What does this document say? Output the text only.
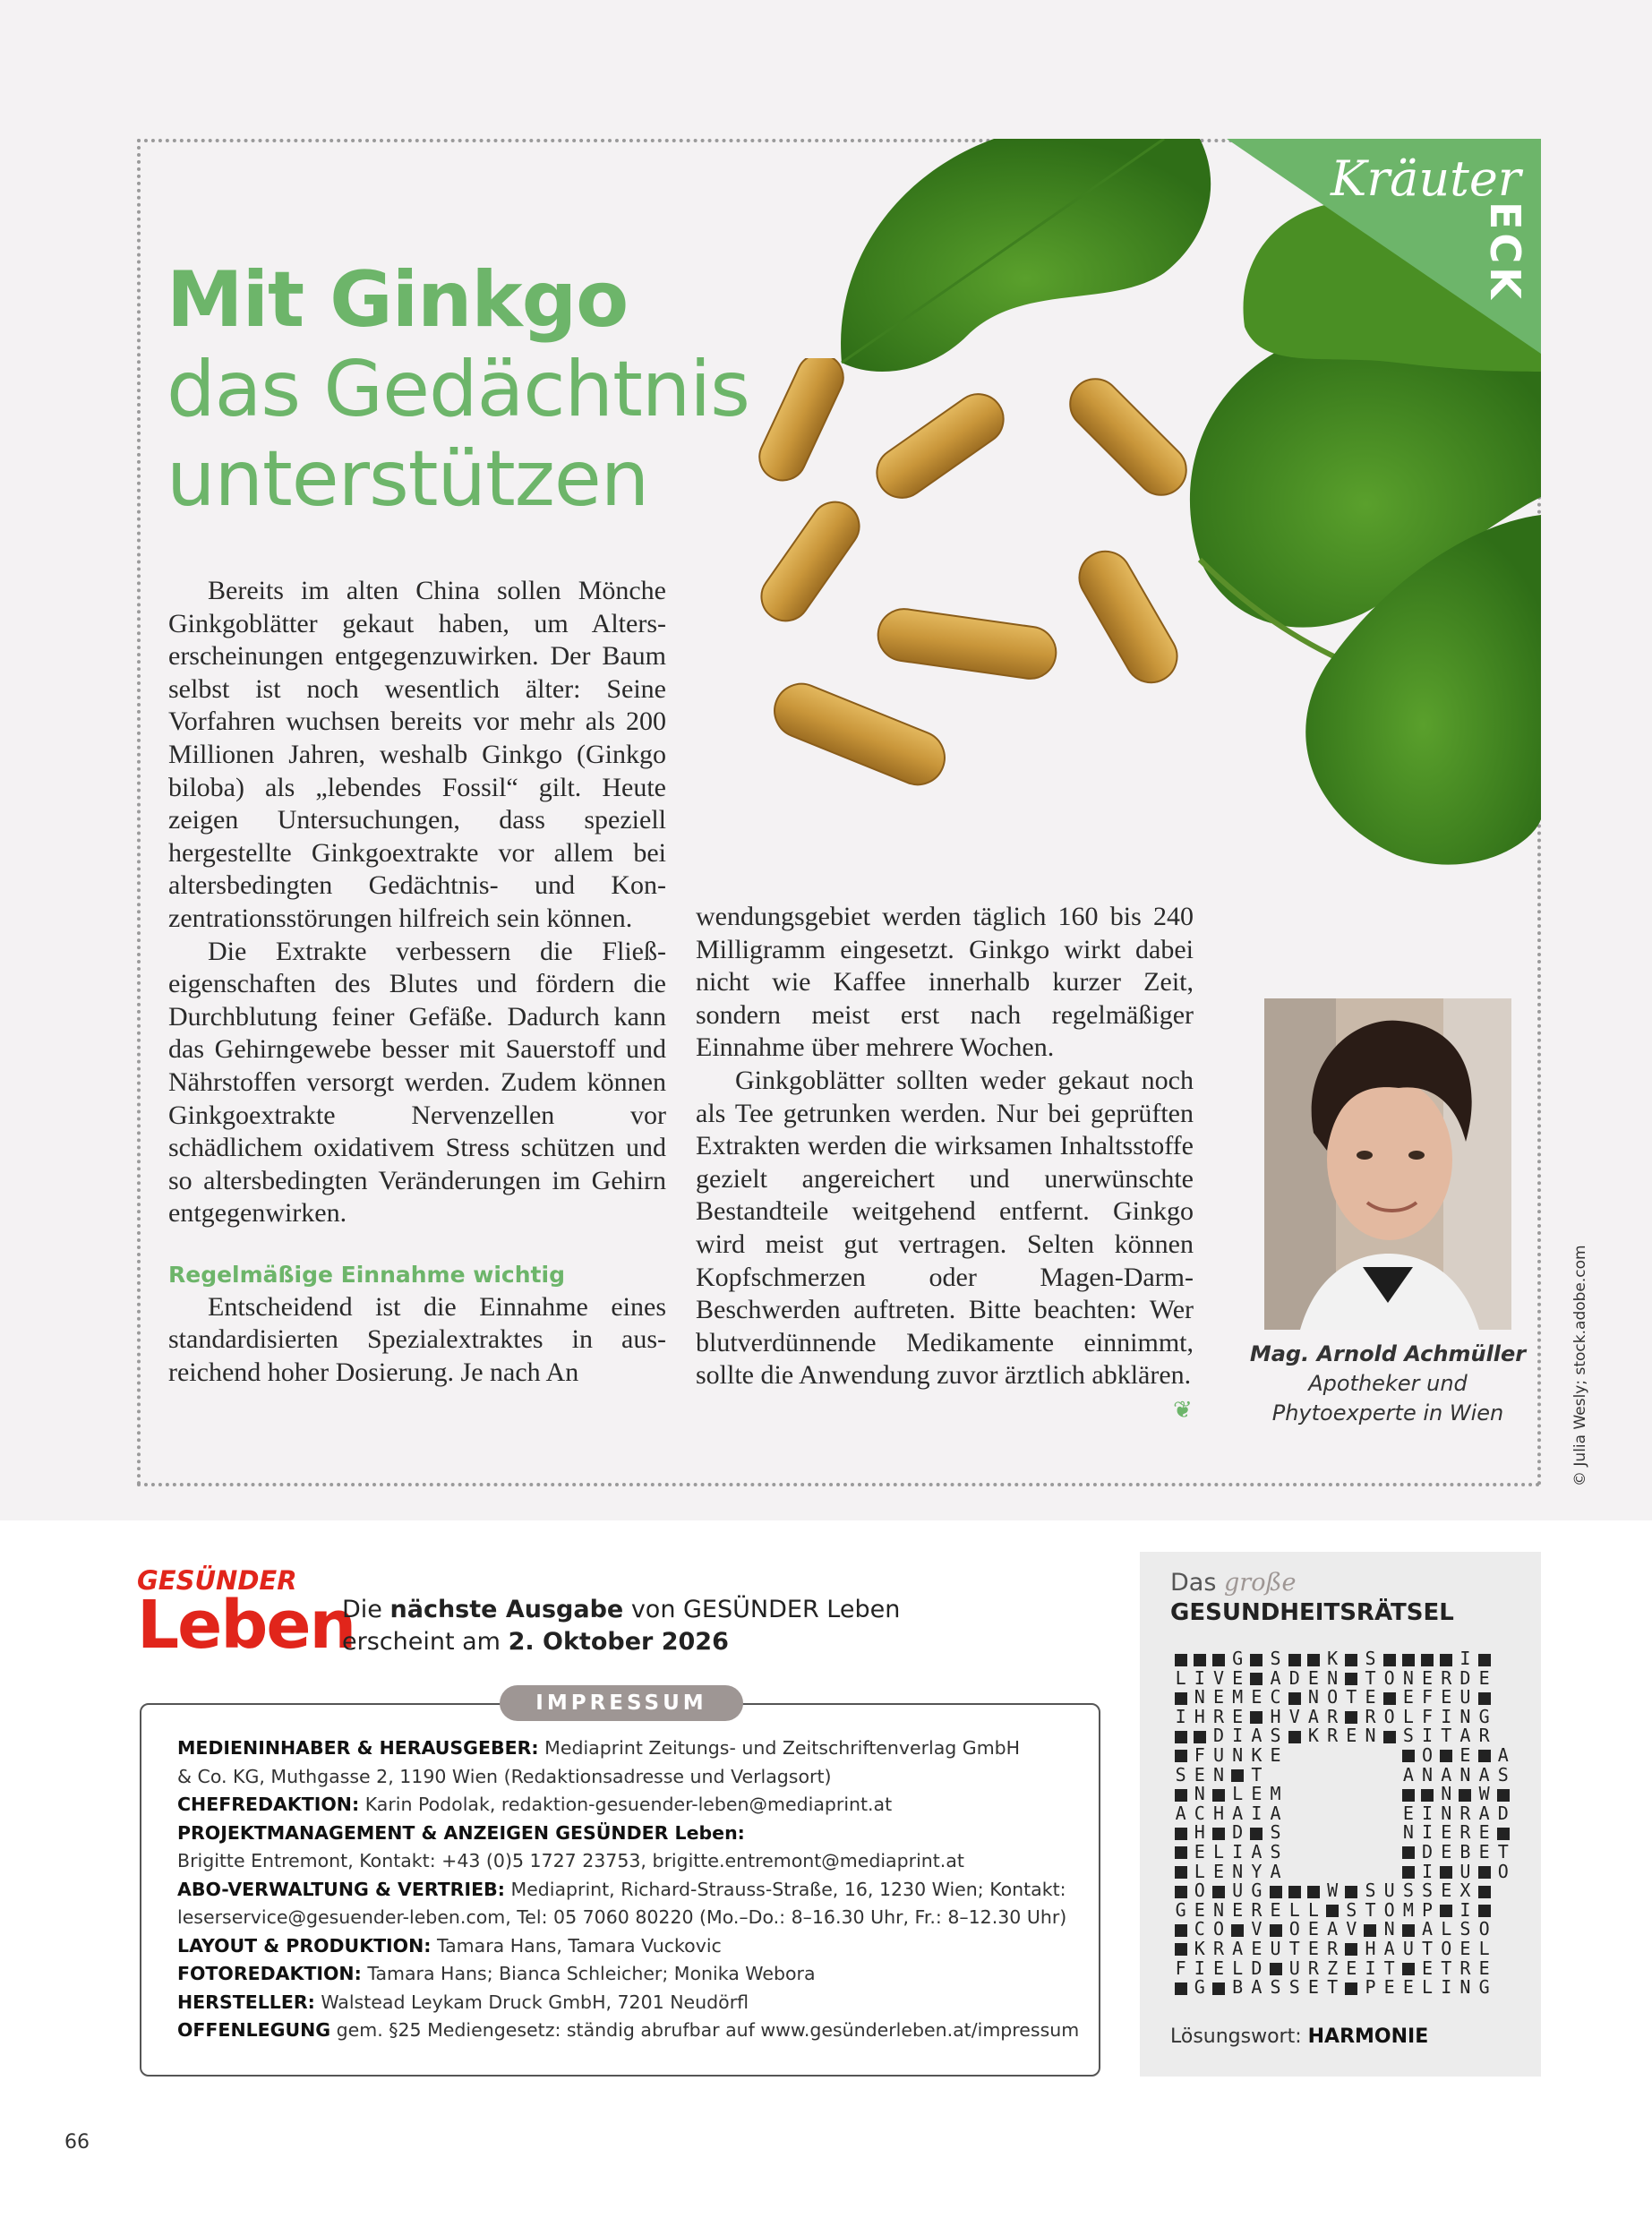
Kräuter
ECK
Mit Ginkgo
das Gedächtnis
unterstützen

Bereits im alten China sollen Mönche Ginkgoblätter gekaut haben, um Alterserscheinungen entgegenzuwirken. Der Baum selbst ist noch wesentlich älter: Seine Vorfahren wuchsen bereits vor mehr als 200 Millionen Jahren, weshalb Ginkgo (Ginkgo biloba) als „lebendes Fossil“ gilt. Heute zeigen Untersuchungen, dass speziell hergestellte Ginkgoextrakte vor allem bei altersbedingten Gedächtnis- und Konzentrationsstörungen hilfreich sein können.

Die Extrakte verbessern die Fließeigenschaften des Blutes und fördern die Durchblutung feiner Gefäße. Dadurch kann das Gehirngewebe besser mit Sauerstoff und Nährstoffen versorgt werden. Zudem können Ginkgoextrakte Nervenzellen vor schädlichem oxidativem Stress schützen und so altersbedingten Veränderungen im Gehirn entgegenwirken.

Regelmäßige Einnahme wichtig

Entscheidend ist die Einnahme eines standardisierten Spezialextraktes in ausreichend hoher Dosierung. Je nach An

wendungsgebiet werden täglich 160 bis 240 Milligramm eingesetzt. Ginkgo wirkt dabei nicht wie Kaffee innerhalb kurzer Zeit, sondern meist erst nach regelmäßiger Einnahme über mehrere Wochen.

Ginkgoblätter sollten weder gekaut noch als Tee getrunken werden. Nur bei geprüften Extrakten werden die wirksamen Inhaltsstoffe gezielt angereichert und unerwünschte Bestandteile weitgehend entfernt. Ginkgo wird meist gut vertragen. Selten können Kopfschmerzen oder Magen-Darm-Beschwerden auftreten. Bitte beachten: Wer blutverdünnende Medikamente einnimmt, sollte die Anwendung zuvor ärztlich abklären.

❦
Mag. Arnold Achmüller
Apotheker und
Phytoexperte in Wien	© Julia Wesly; stock.adobe.com
GESÜNDER
Leben
Die nächste Ausgabe von GESÜNDER Leben
erscheint am 2. Oktober 2026
IMPRESSUM
MEDIENINHABER & HERAUSGEBER: Mediaprint Zeitungs- und Zeitschriftenverlag GmbH
& Co. KG, Muthgasse 2, 1190 Wien (Redaktionsadresse und Verlagsort)
CHEFREDAKTION: Karin Podolak, redaktion-gesuender-leben@mediaprint.at
PROJEKTMANAGEMENT & ANZEIGEN GESÜNDER Leben:
Brigitte Entremont, Kontakt: +43 (0)5 1727 23753, brigitte.entremont@mediaprint.at
ABO-VERWALTUNG & VERTRIEB: Mediaprint, Richard-Strauss-Straße, 16, 1230 Wien; Kontakt:
leserservice@gesuender-leben.com, Tel: 05 7060 80220 (Mo.–Do.: 8–16.30 Uhr, Fr.: 8–12.30 Uhr)
LAYOUT & PRODUKTION: Tamara Hans, Tamara Vuckovic
FOTOREDAKTION: Tamara Hans; Bianca Schleicher; Monika Webora
HERSTELLER: Walstead Leykam Druck GmbH, 7201 Neudörfl
OFFENLEGUNG gem. §25 Mediengesetz: ständig abrufbar auf www.gesünderleben.at/impressum
Das große
GESUNDHEITSRÄTSEL
G S	K S	I
L I V E A D E N T O N E R D E
N E M E C N O T E E F E U
I H R E H V A R R O L F I N G
D I A S K R E N S I T A R
F U N K E	O E A
S E N T	A N A N A S
N L E M	N W
A C H A I A	E I N R A D
H D S	N I E R E
E L I A S	D E B E T
L E N Y A	I U O
O U G	W S U S S E X
G E N E R E L L S T O M P I
C O V O E A V N A L S O
K R A E U T E R H A U T O E L
F I E L D U R Z E I T E T R E
G B A S S E T P E E L I N G
Lösungswort: HARMONIE
66
